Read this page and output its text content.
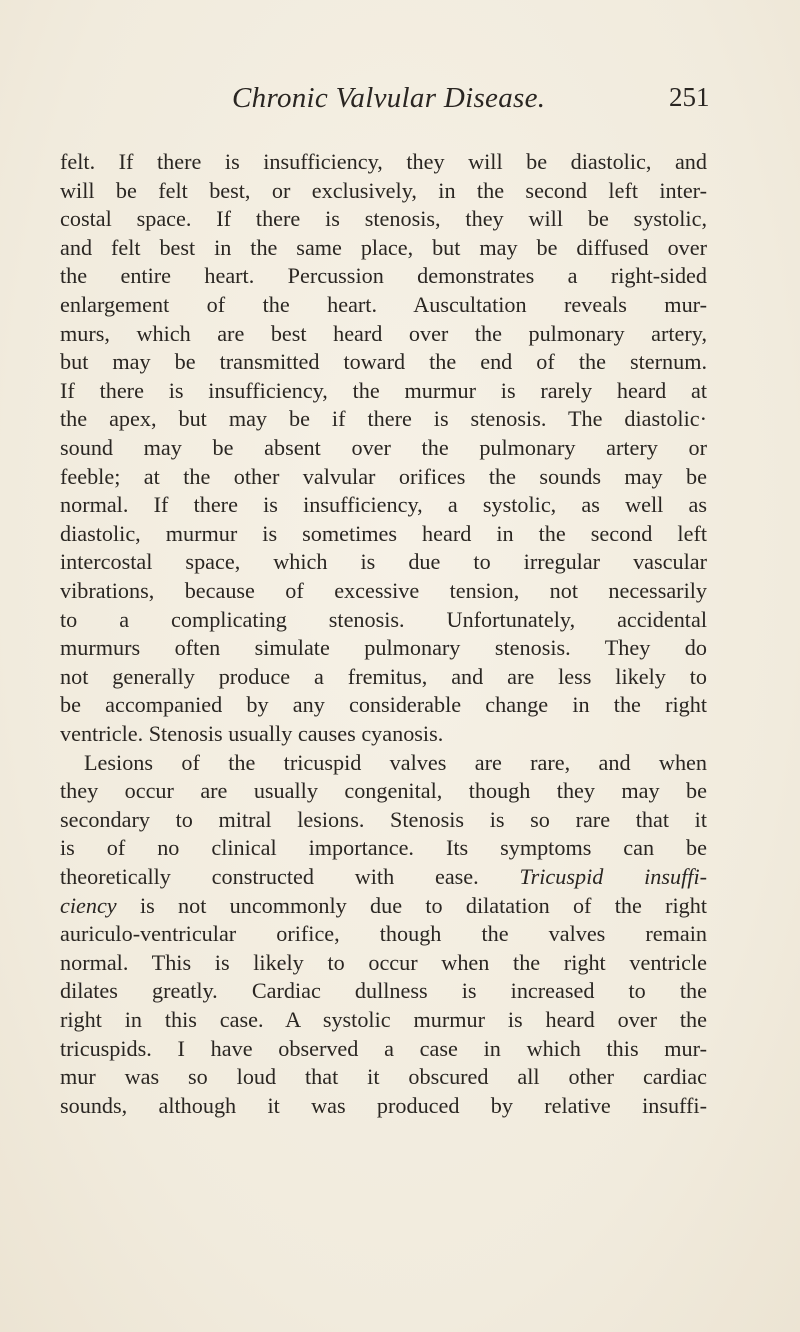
Chronic Valvular Disease.	251
felt. If there is insufficiency, they will be diastolic, and
will be felt best, or exclusively, in the second left inter-
costal space. If there is stenosis, they will be systolic,
and felt best in the same place, but may be diffused over
the entire heart. Percussion demonstrates a right-sided
enlargement of the heart. Auscultation reveals mur-
murs, which are best heard over the pulmonary artery,
but may be transmitted toward the end of the sternum.
If there is insufficiency, the murmur is rarely heard at
the apex, but may be if there is stenosis. The diastolic·
sound may be absent over the pulmonary artery or
feeble; at the other valvular orifices the sounds may be
normal. If there is insufficiency, a systolic, as well as
diastolic, murmur is sometimes heard in the second left
intercostal space, which is due to irregular vascular
vibrations, because of excessive tension, not necessarily
to a complicating stenosis. Unfortunately, accidental
murmurs often simulate pulmonary stenosis. They do
not generally produce a fremitus, and are less likely to
be accompanied by any considerable change in the right
ventricle. Stenosis usually causes cyanosis.
Lesions of the tricuspid valves are rare, and when
they occur are usually congenital, though they may be
secondary to mitral lesions. Stenosis is so rare that it
is of no clinical importance. Its symptoms can be
theoretically constructed with ease. Tricuspid insuffi-
ciency is not uncommonly due to dilatation of the right
auriculo-ventricular orifice, though the valves remain
normal. This is likely to occur when the right ventricle
dilates greatly. Cardiac dullness is increased to the
right in this case. A systolic murmur is heard over the
tricuspids. I have observed a case in which this mur-
mur was so loud that it obscured all other cardiac
sounds, although it was produced by relative insuffi-
